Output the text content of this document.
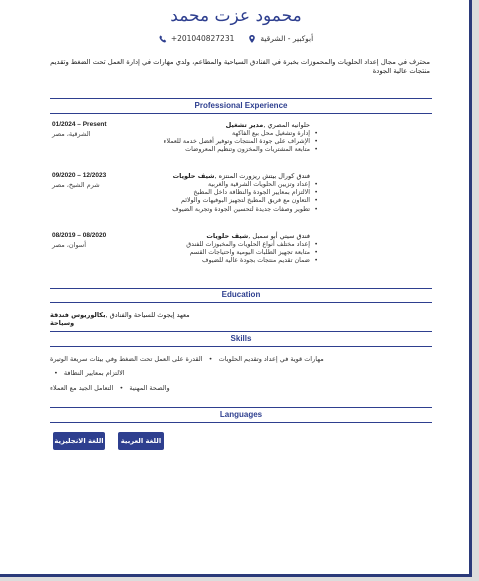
محمود عزت محمد
أبوكبير - الشرقية
+201040827231
محترف في مجال إعداد الحلويات والمحموزات بخبرة في الفنادق السياحية والمطاعم، ولدي مهارات في إدارة العمل تحت الضغط وتقديم منتجات عالية الجودة
Professional Experience
01/2024 – Present
الشرقية، مصر
حلوانيه المصري ,مدير تشغيل
• إدارة وتشغيل محل بيع الفاكهة
• الإشراف على جودة المنتجات وتوفير أفضل خدمة للعملاء
• متابعة المشتريات والمخزون وتنظيم المعروضات
09/2020 – 12/2023
شرم الشيخ، مصر
فندق كورال بيتش ريزورت المنتزه ,شيف حلويات
• إعداد وتزيين الحلويات الشرقية والغربية
• الالتزام بمعايير الجودة والنظافة داخل المطبخ
• التعاون مع فريق المطبخ لتجهيز البوفيهات والولائم
• تطوير وصفات جديدة لتحسين الجودة وتجربة الضيوف
08/2019 – 08/2020
أسوان، مصر
فندق سيتي أبو سمبل ,شيف حلويات
• إعداد مختلف أنواع الحلويات والمخبوزات للفندق
• متابعة تجهيز الطلبات اليومية واحتياجات القسم
• ضمان تقديم منتجات بجودة عالية للضيوف
Education
معهد إيجوث للسياحة والفنادق ,بكالوريوس فندقة وسياحة
Skills
مهارات قوية في إعداد وتقديم الحلويات • القدرة على العمل تحت الضغط وفي بيئات سريعة الوتيرة
الالتزام بمعايير النظافة •
والصحة المهنية • التعامل الجيد مع العملاء
Languages
اللغة الانجليزية	اللغة العربية
